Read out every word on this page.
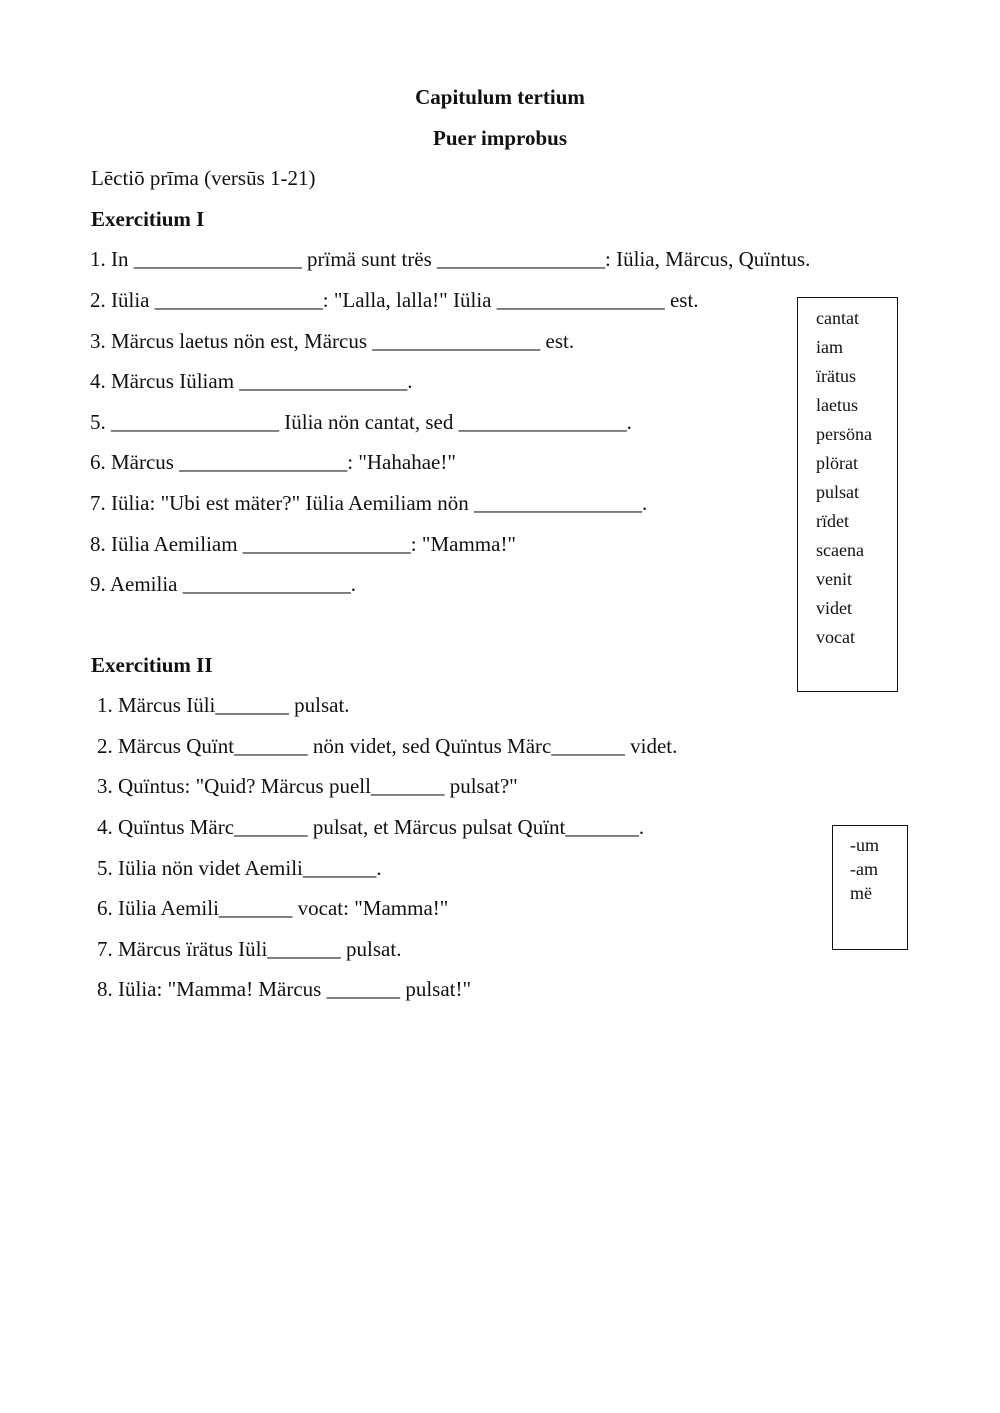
Capitulum tertium
Puer improbus
Lēctiō prīma (versūs 1-21)
Exercitium I
1. In ________________ prïmä sunt trës ________________: Iülia, Märcus, Quïntus.
2. Iülia ________________: "Lalla, lalla!" Iülia ________________ est.
3. Märcus laetus nön est, Märcus ________________ est.
4. Märcus Iüliam ________________.
5. ________________ Iülia nön cantat, sed ________________.
6. Märcus ________________: "Hahahae!"
7. Iülia: "Ubi est mäter?" Iülia Aemiliam nön ________________.
8. Iülia Aemiliam ________________: "Mamma!"
9. Aemilia ________________.
cantat
iam
ïrätus
laetus
persöna
plörat
pulsat
rïdet
scaena
venit
videt
vocat
Exercitium II
1. Märcus Iüli_______ pulsat.
2. Märcus Quïnt_______ nön videt, sed Quïntus Märc_______ videt.
3. Quïntus: "Quid? Märcus puell_______ pulsat?"
4. Quïntus Märc_______ pulsat, et Märcus pulsat Quïnt_______.
5. Iülia nön videt Aemili_______.
6. Iülia Aemili_______ vocat: "Mamma!"
7. Märcus ïrätus Iüli_______ pulsat.
8. Iülia: "Mamma! Märcus _______ pulsat!"
-um
-am
më
